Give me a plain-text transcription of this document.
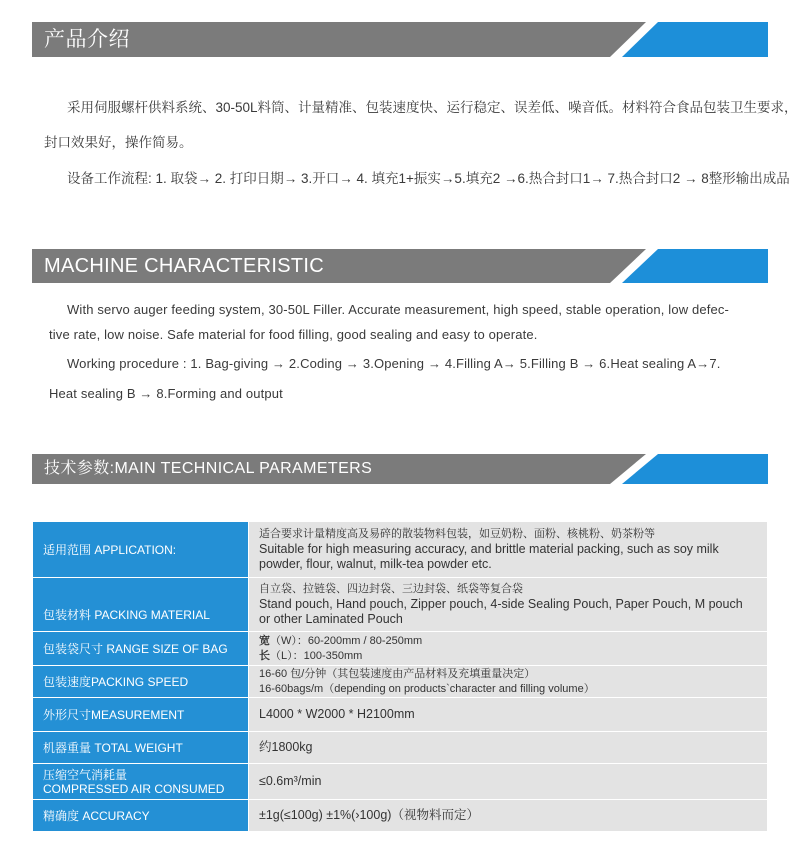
产品介绍
采用伺服螺杆供料系统、30-50L料筒、计量精准、包装速度快、运行稳定、误差低、噪音低。材料符合食品包装卫生要求，
封口效果好，操作简易。
设备工作流程: 1. 取袋→ 2. 打印日期→ 3.开口→ 4. 填充1+振实→5.填充2 →6.热合封口1→ 7.热合封口2 → 8整形输出成品
MACHINE CHARACTERISTIC
With servo auger feeding system, 30-50L Filler. Accurate measurement, high speed, stable operation, low defec-
tive rate, low noise. Safe material for food filling, good sealing and easy to operate.
Working procedure : 1. Bag-giving → 2.Coding → 3.Opening → 4.Filling A→ 5.Filling B → 6.Heat sealing A→7.
Heat sealing B → 8.Forming and output
技术参数:MAIN TECHNICAL PARAMETERS
适用范围 APPLICATION:	适合要求计量精度高及易碎的散装物料包装，如豆奶粉、面粉、核桃粉、奶茶粉等
Suitable for high measuring accuracy, and brittle material packing, such as soy milk
powder, flour, walnut, milk-tea powder etc.

包装材料 PACKING MATERIAL	自立袋、拉链袋、四边封袋、三边封袋、纸袋等复合袋
Stand pouch, Hand pouch, Zipper pouch, 4-side Sealing Pouch, Paper Pouch, M pouch
or other Laminated Pouch

包装袋尺寸 RANGE SIZE OF BAG	宽（W）：60-200mm / 80-250mm
长（L）：100-350mm

包装速度PACKING SPEED	16-60 包/分钟（其包装速度由产品材料及充填重量决定）
16-60bags/m（depending on products`character and filling volume）

外形尺寸MEASUREMENT	L4000 * W2000 * H2100mm
机器重量 TOTAL WEIGHT	约1800kg

压缩空气消耗量
COMPRESSED AIR CONSUMED	≤0.6m³/min
精确度 ACCURACY	±1g(≤100g) ±1%(›100g)（视物料而定）
